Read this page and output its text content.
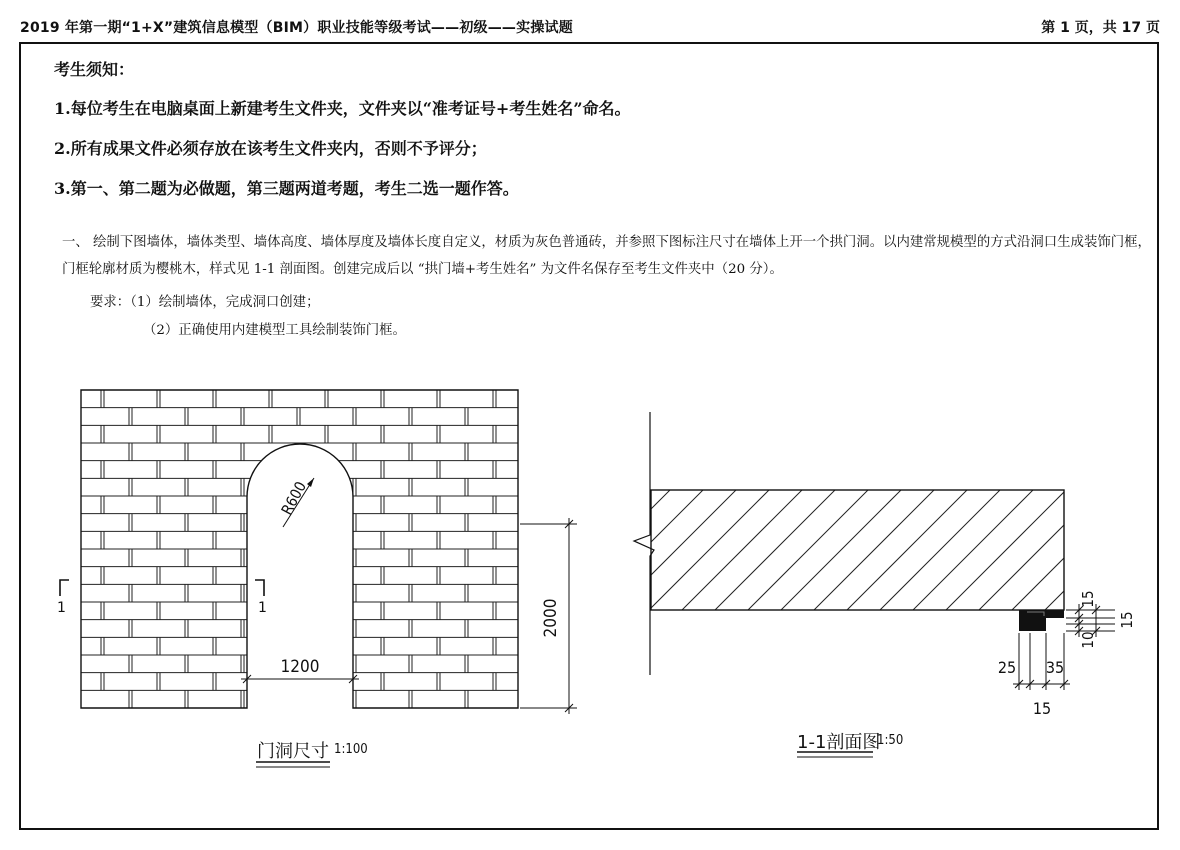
2019 年第一期“1+X”建筑信息模型（BIM）职业技能等级考试——初级——实操试题	第 1 页，共 17 页
考生须知：
1.每位考生在电脑桌面上新建考生文件夹，文件夹以“准考证号+考生姓名”命名。
2.所有成果文件必须存放在该考生文件夹内，否则不予评分；
3.第一、第二题为必做题，第三题两道考题，考生二选一题作答。
一、 绘制下图墙体，墙体类型、墙体高度、墙体厚度及墙体长度自定义，材质为灰色普通砖，并参照下图标注尺寸在墙体上开一个拱门洞。以内建常规模型的方式沿洞口生成装饰门框，门框轮廓材质为樱桃木，样式见 1-1 剖面图。创建完成后以 “拱门墙+考生姓名” 为文件名保存至考生文件夹中（20 分）。
要求：（1）绘制墙体，完成洞口创建；
（2）正确使用内建模型工具绘制装饰门框。
R600
1200
2000
1	1
25 35
15
15
10
15
门洞尺寸 1:100	1-1剖面图
1:50
